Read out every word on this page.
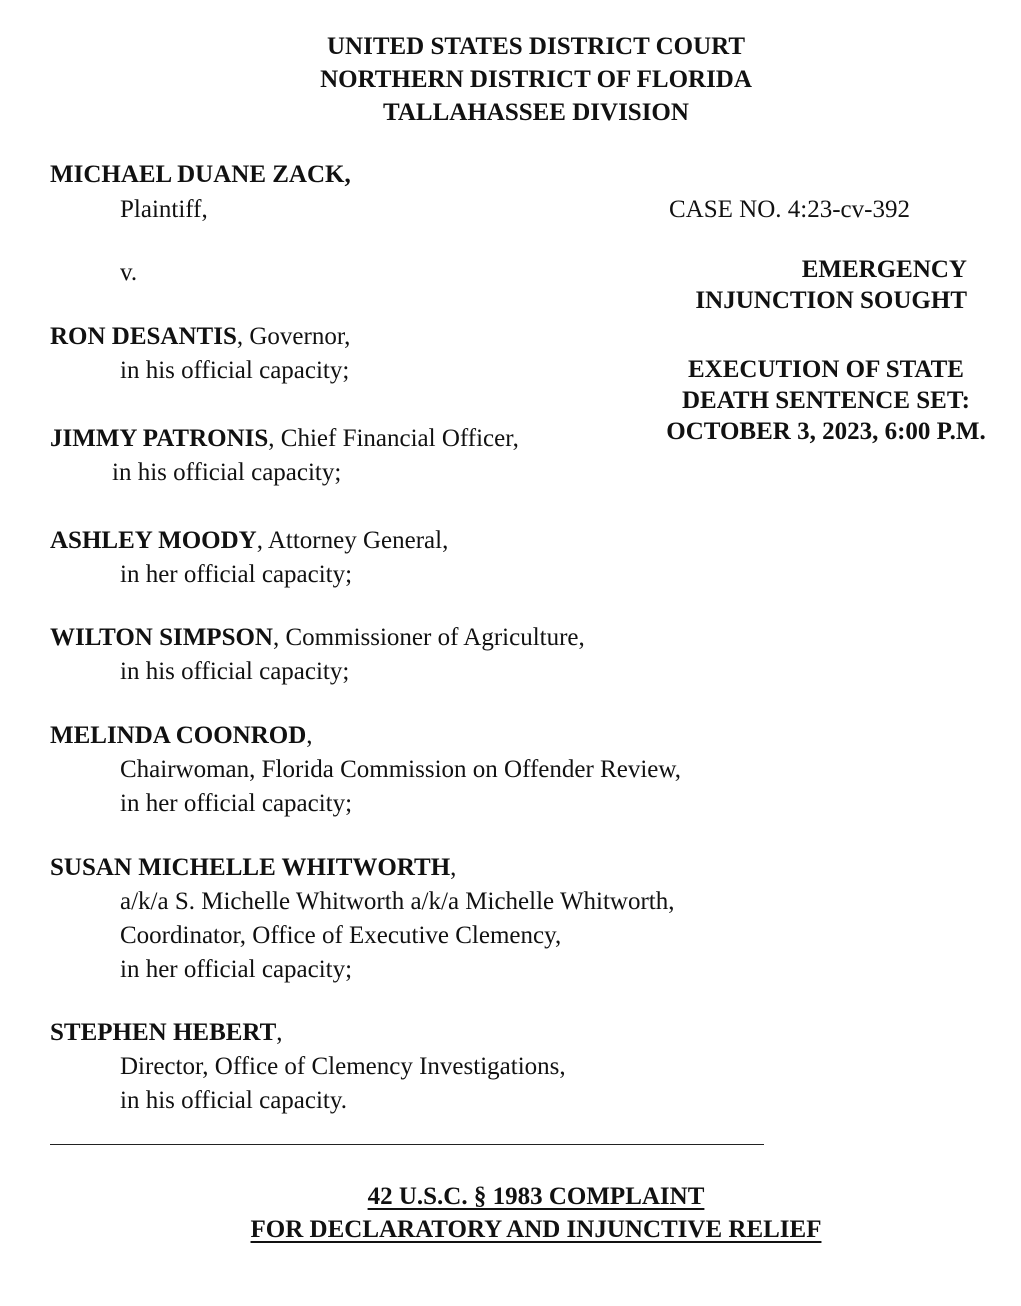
UNITED STATES DISTRICT COURT
NORTHERN DISTRICT OF FLORIDA
TALLAHASSEE DIVISION
MICHAEL DUANE ZACK,
Plaintiff,
v.
CASE NO. 4:23-cv-392
EMERGENCY
INJUNCTION SOUGHT
EXECUTION OF STATE
DEATH SENTENCE SET:
OCTOBER 3, 2023, 6:00 P.M.
RON DESANTIS, Governor,
in his official capacity;
JIMMY PATRONIS, Chief Financial Officer,
in his official capacity;
ASHLEY MOODY, Attorney General,
in her official capacity;
WILTON SIMPSON, Commissioner of Agriculture,
in his official capacity;
MELINDA COONROD,
Chairwoman, Florida Commission on Offender Review,
in her official capacity;
SUSAN MICHELLE WHITWORTH,
a/k/a S. Michelle Whitworth a/k/a Michelle Whitworth,
Coordinator, Office of Executive Clemency,
in her official capacity;
STEPHEN HEBERT,
Director, Office of Clemency Investigations,
in his official capacity.
42 U.S.C. § 1983 COMPLAINT
FOR DECLARATORY AND INJUNCTIVE RELIEF
